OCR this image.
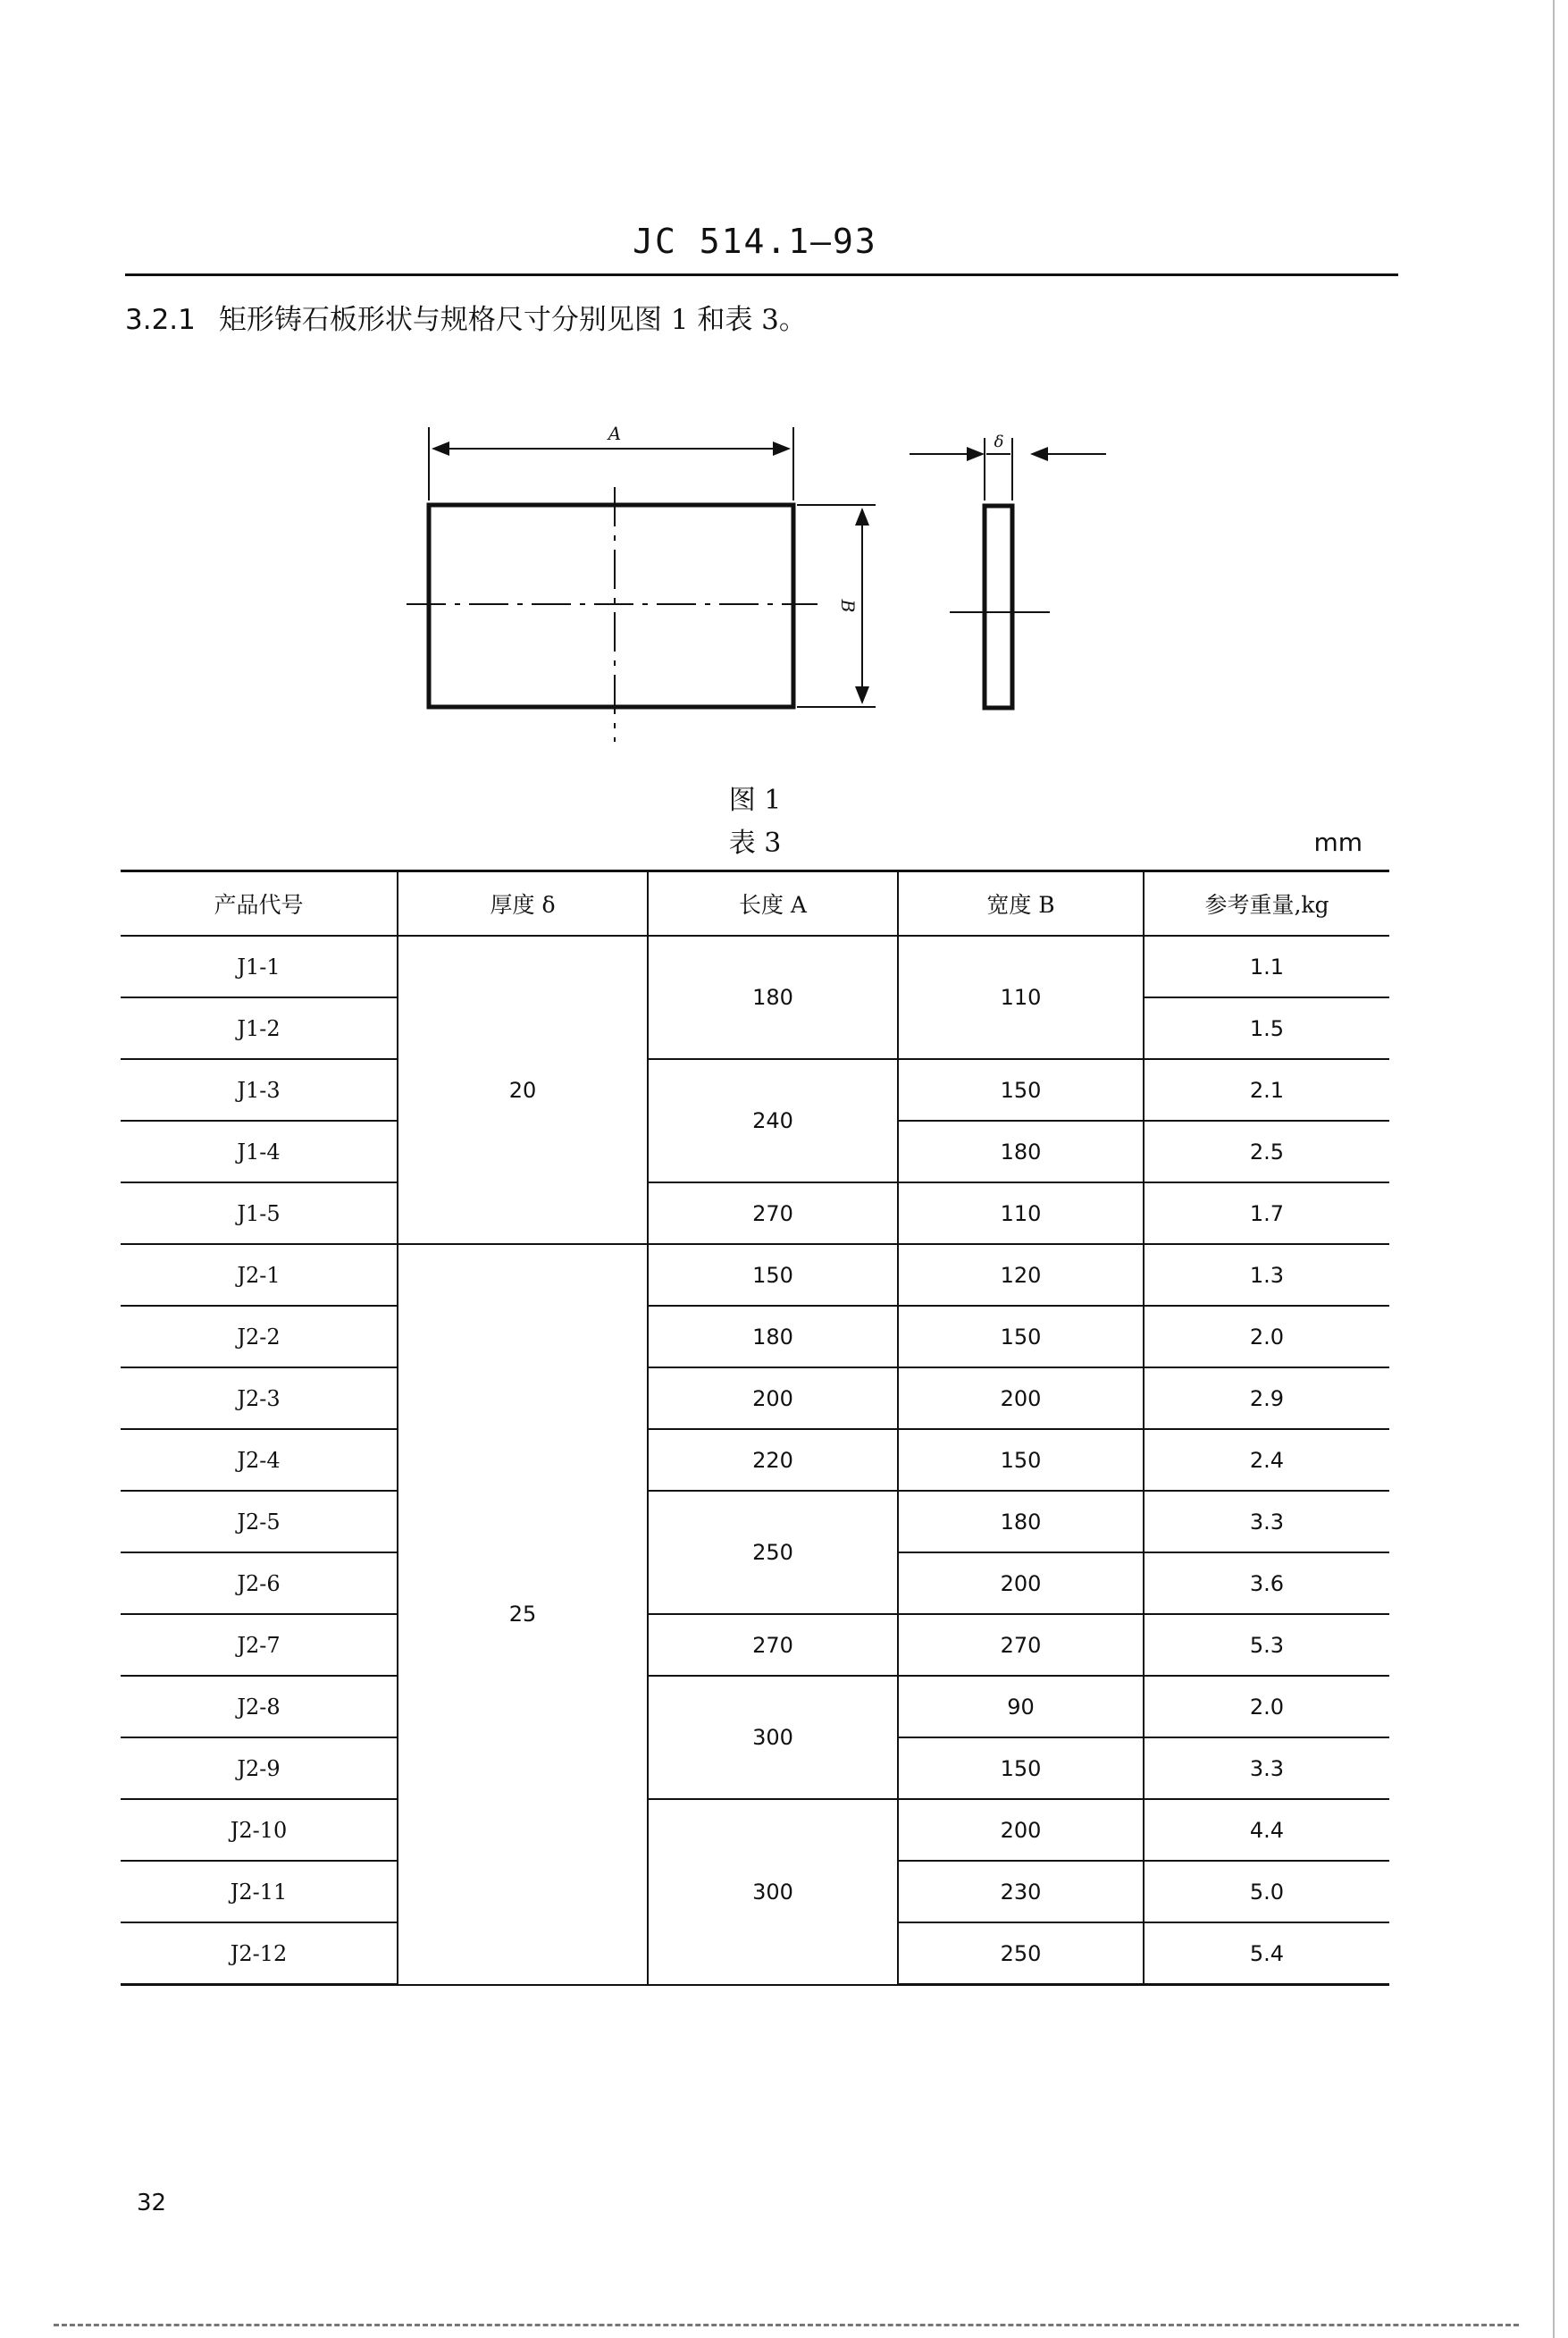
JC 514.1—93
3.2.1 矩形铸石板形状与规格尺寸分别见图 1 和表 3。
A
B
δ
图 1
表 3	mm
产品代号	厚度 δ	长度 A	宽度 B	参考重量,kg
J1-1	20	180	110	1.1
J1-2				1.5
J1-3		240	150	2.1
J1-4			180	2.5
J1-5		270	110	1.7
J2-1	25	150	120	1.3
J2-2		180	150	2.0
J2-3		200	200	2.9
J2-4		220	150	2.4
J2-5		250	180	3.3
J2-6			200	3.6
J2-7		270	270	5.3
J2-8		300	90	2.0
J2-9			150	3.3
J2-10		300	200	4.4
J2-11			230	5.0
J2-12			250	5.4
32
